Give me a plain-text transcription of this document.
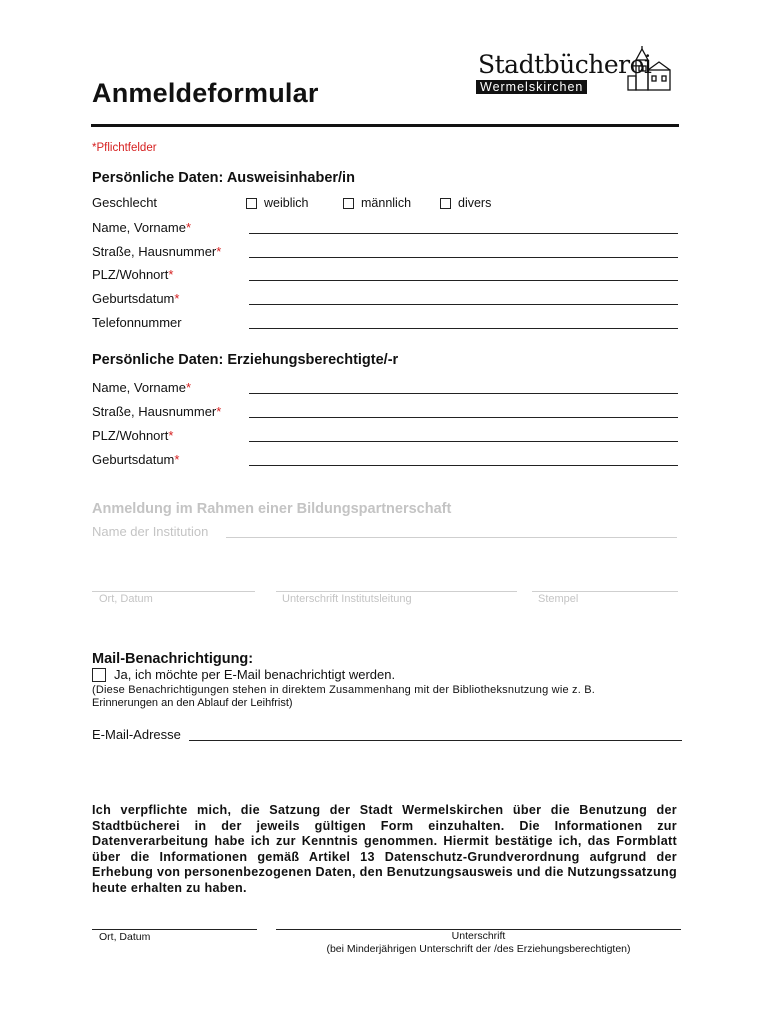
Stadtbücherei
Wermelskirchen
Anmeldeformular
*Pflichtfelder
Persönliche Daten: Ausweisinhaber/in
Geschlecht	weiblich	männlich	divers
Name, Vorname*
Straße, Hausnummer*
PLZ/Wohnort*
Geburtsdatum*
Telefonnummer
Persönliche Daten: Erziehungsberechtigte/-r
Name, Vorname*
Straße, Hausnummer*
PLZ/Wohnort*
Geburtsdatum*
Anmeldung im Rahmen einer Bildungspartnerschaft
Name der Institution
Ort, Datum	Unterschrift Institutsleitung	Stempel
Mail-Benachrichtigung:
Ja, ich möchte per E-Mail benachrichtigt werden.
(Diese Benachrichtigungen stehen in direktem Zusammenhang mit der Bibliotheksnutzung wie z. B.
Erinnerungen an den Ablauf der Leihfrist)
E-Mail-Adresse
Ich verpflichte mich, die Satzung der Stadt Wermelskirchen über die Benutzung der Stadtbücherei in der jeweils gültigen Form einzuhalten. Die Informationen zur Datenverarbeitung habe ich zur Kenntnis genommen. Hiermit bestätige ich, das Formblatt über die Informationen gemäß Artikel 13 Datenschutz-Grundverordnung aufgrund der Erhebung von personenbezogenen Daten, den Benutzungsausweis und die Nutzungssatzung heute erhalten zu haben.
Ort, Datum	Unterschrift
(bei Minderjährigen Unterschrift der /des Erziehungsberechtigten)
